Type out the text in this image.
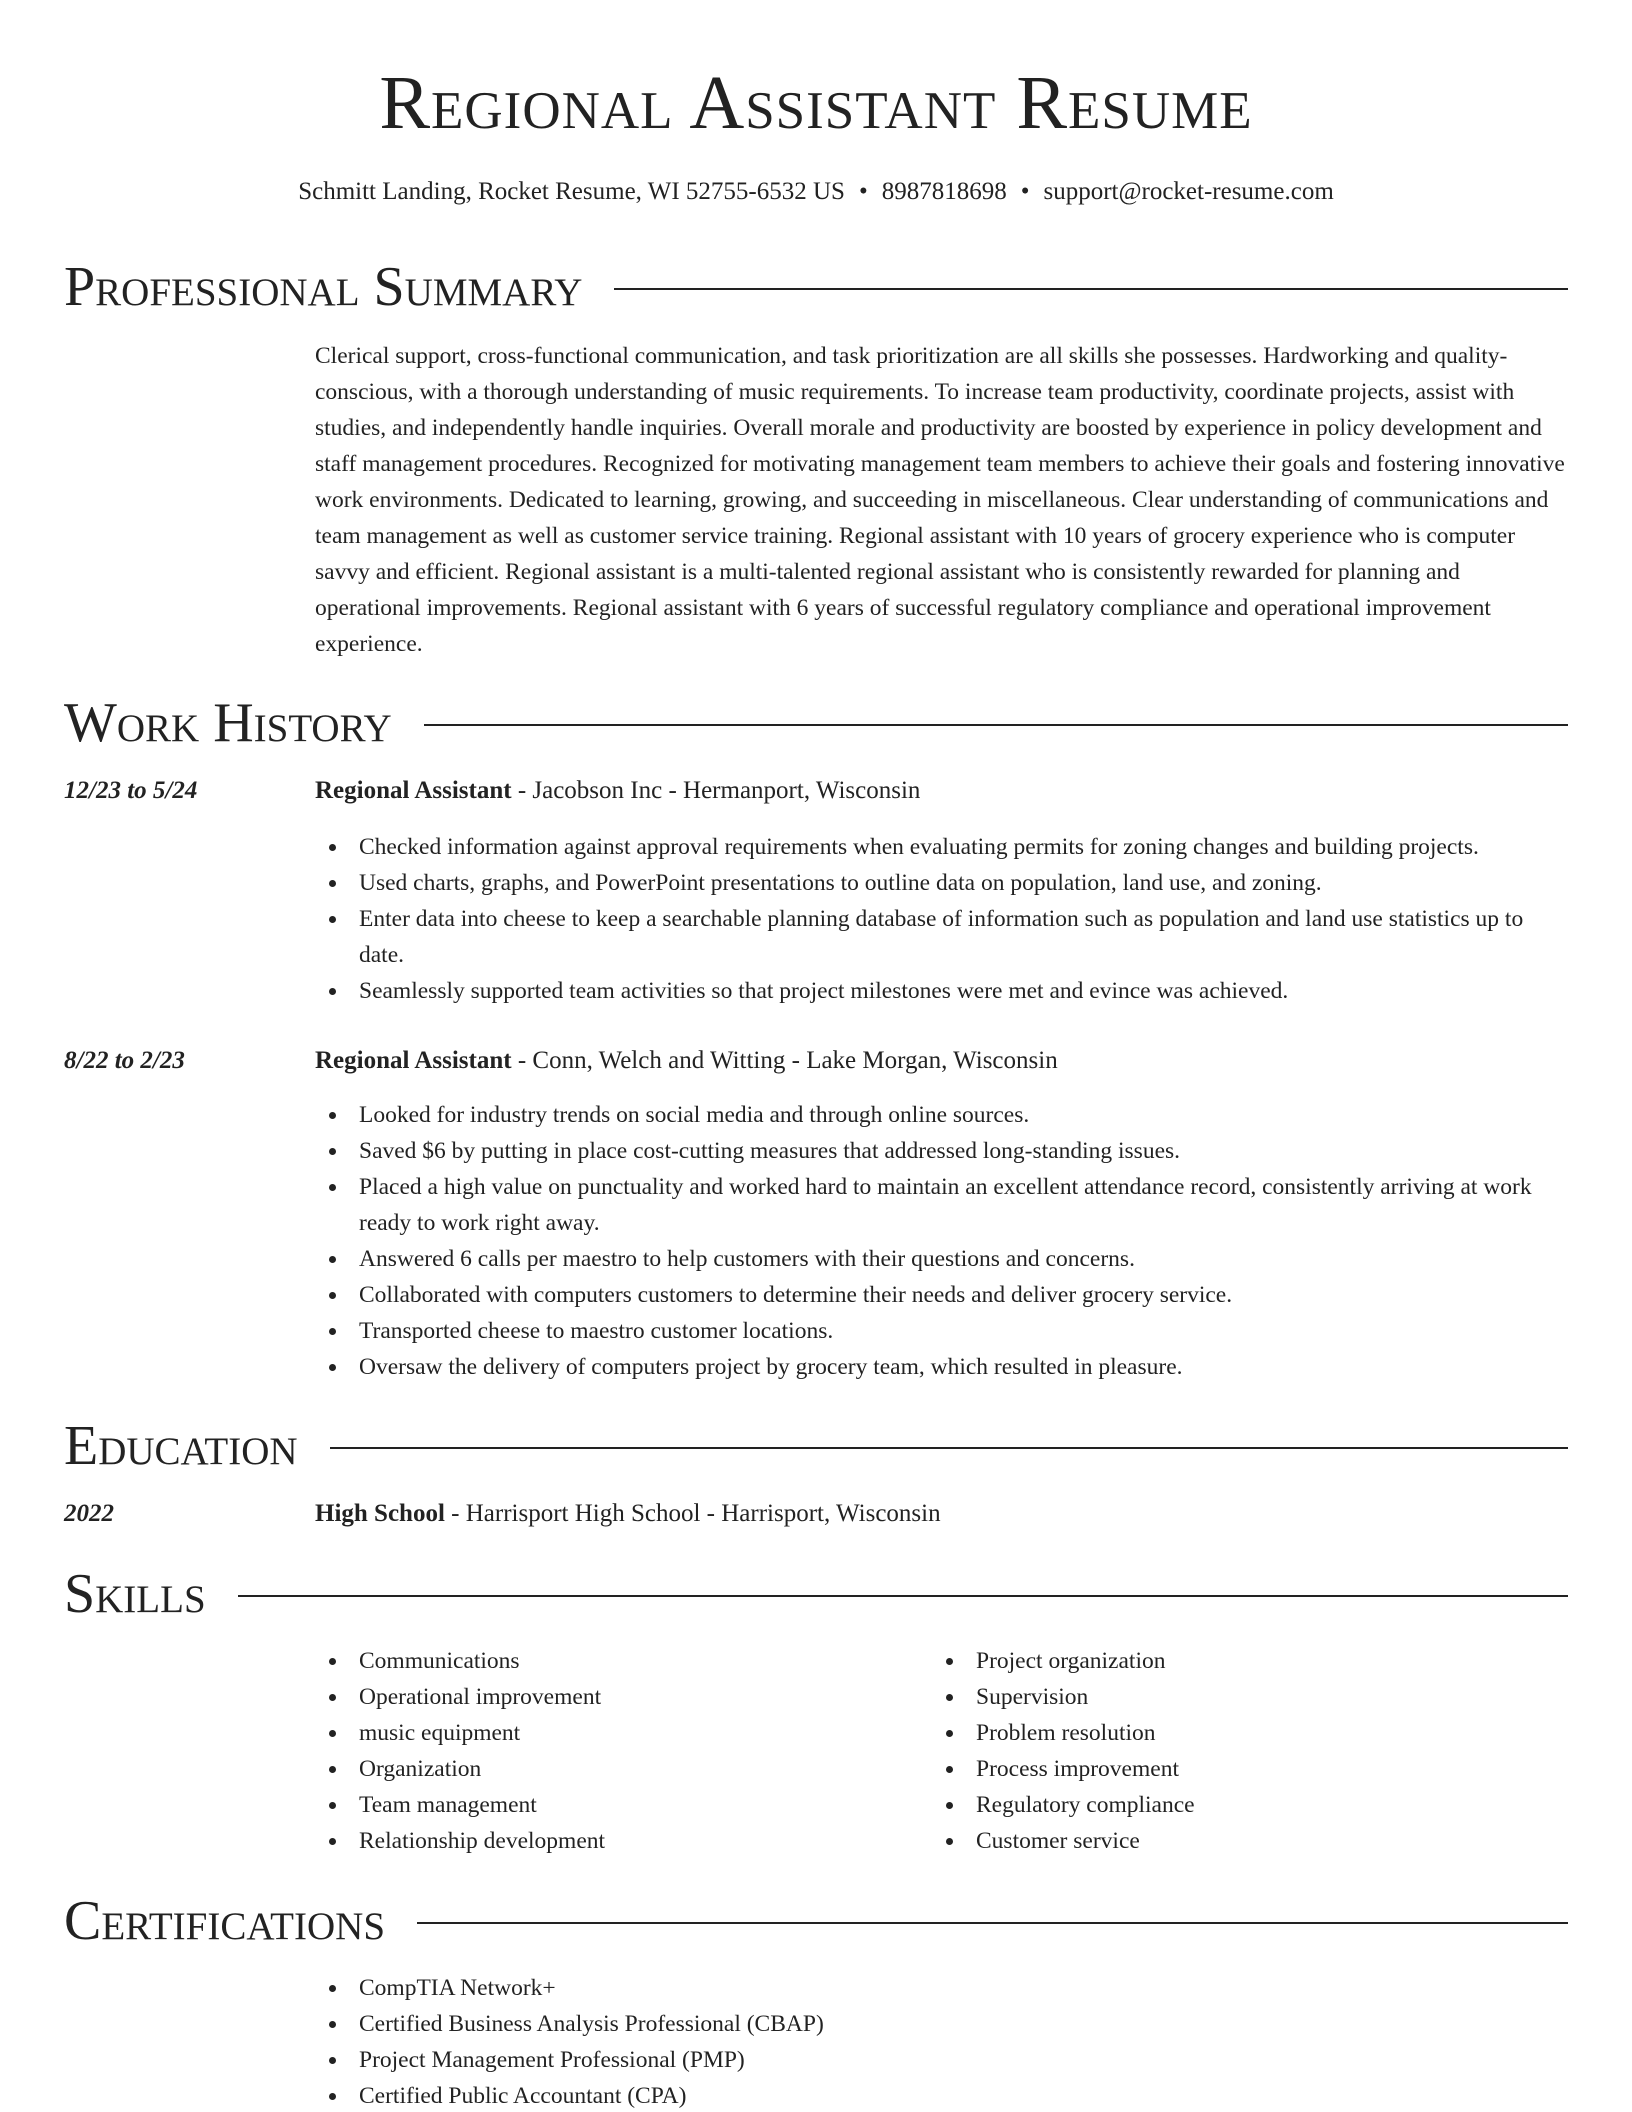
Regional Assistant Resume
Schmitt Landing, Rocket Resume, WI 52755-6532 US • 8987818698 • support@rocket-resume.com
Professional Summary
Clerical support, cross-functional communication, and task prioritization are all skills she possesses. Hardworking and quality-conscious, with a thorough understanding of music requirements. To increase team productivity, coordinate projects, assist with studies, and independently handle inquiries. Overall morale and productivity are boosted by experience in policy development and staff management procedures. Recognized for motivating management team members to achieve their goals and fostering innovative work environments. Dedicated to learning, growing, and succeeding in miscellaneous. Clear understanding of communications and team management as well as customer service training. Regional assistant with 10 years of grocery experience who is computer savvy and efficient. Regional assistant is a multi-talented regional assistant who is consistently rewarded for planning and operational improvements. Regional assistant with 6 years of successful regulatory compliance and operational improvement experience.
Work History
12/23 to 5/24	Regional Assistant - Jacobson Inc - Hermanport, Wisconsin
Checked information against approval requirements when evaluating permits for zoning changes and building projects.
Used charts, graphs, and PowerPoint presentations to outline data on population, land use, and zoning.
Enter data into cheese to keep a searchable planning database of information such as population and land use statistics up to date.
Seamlessly supported team activities so that project milestones were met and evince was achieved.
8/22 to 2/23	Regional Assistant - Conn, Welch and Witting - Lake Morgan, Wisconsin
Looked for industry trends on social media and through online sources.
Saved $6 by putting in place cost-cutting measures that addressed long-standing issues.
Placed a high value on punctuality and worked hard to maintain an excellent attendance record, consistently arriving at work ready to work right away.
Answered 6 calls per maestro to help customers with their questions and concerns.
Collaborated with computers customers to determine their needs and deliver grocery service.
Transported cheese to maestro customer locations.
Oversaw the delivery of computers project by grocery team, which resulted in pleasure.
Education
2022	High School - Harrisport High School - Harrisport, Wisconsin
Skills
Communications
Operational improvement
music equipment
Organization
Team management
Relationship development
Project organization
Supervision
Problem resolution
Process improvement
Regulatory compliance
Customer service
Certifications
CompTIA Network+
Certified Business Analysis Professional (CBAP)
Project Management Professional (PMP)
Certified Public Accountant (CPA)
